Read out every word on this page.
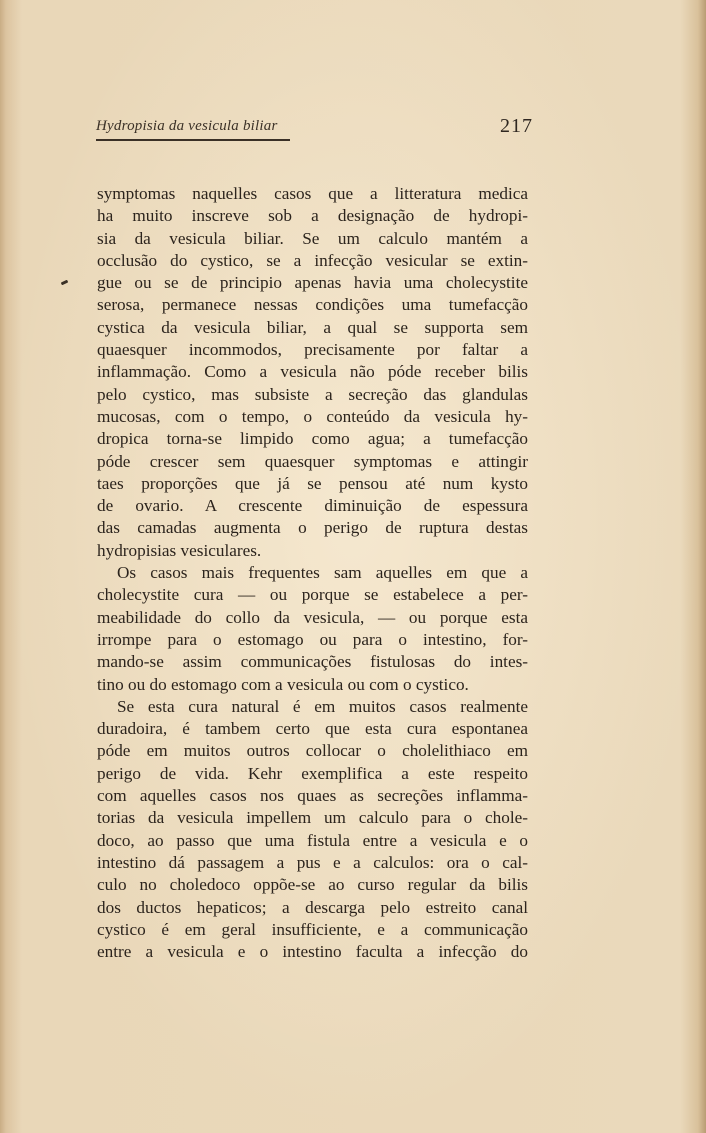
Hydropisia da vesicula biliar	217
symptomas naquelles casos que a litteratura medica
ha muito inscreve sob a designação de hydropi-
sia da vesicula biliar. Se um calculo mantém a
occlusão do cystico, se a infecção vesicular se extin-
gue ou se de principio apenas havia uma cholecystite
serosa, permanece nessas condições uma tumefacção
cystica da vesicula biliar, a qual se supporta sem
quaesquer incommodos, precisamente por faltar a
inflammação. Como a vesicula não póde receber bilis
pelo cystico, mas subsiste a secreção das glandulas
mucosas, com o tempo, o conteúdo da vesicula hy-
dropica torna-se limpido como agua; a tumefacção
póde crescer sem quaesquer symptomas e attingir
taes proporções que já se pensou até num kysto
de ovario. A crescente diminuição de espessura
das camadas augmenta o perigo de ruptura destas
hydropisias vesiculares.
Os casos mais frequentes sam aquelles em que a
cholecystite cura — ou porque se estabelece a per-
meabilidade do collo da vesicula, — ou porque esta
irrompe para o estomago ou para o intestino, for-
mando-se assim communicações fistulosas do intes-
tino ou do estomago com a vesicula ou com o cystico.
Se esta cura natural é em muitos casos realmente
duradoira, é tambem certo que esta cura espontanea
póde em muitos outros collocar o cholelithiaco em
perigo de vida. Kehr exemplifica a este respeito
com aquelles casos nos quaes as secreções inflamma-
torias da vesicula impellem um calculo para o chole-
doco, ao passo que uma fistula entre a vesicula e o
intestino dá passagem a pus e a calculos: ora o cal-
culo no choledoco oppõe-se ao curso regular da bilis
dos ductos hepaticos; a descarga pelo estreito canal
cystico é em geral insufficiente, e a communicação
entre a vesicula e o intestino faculta a infecção do
